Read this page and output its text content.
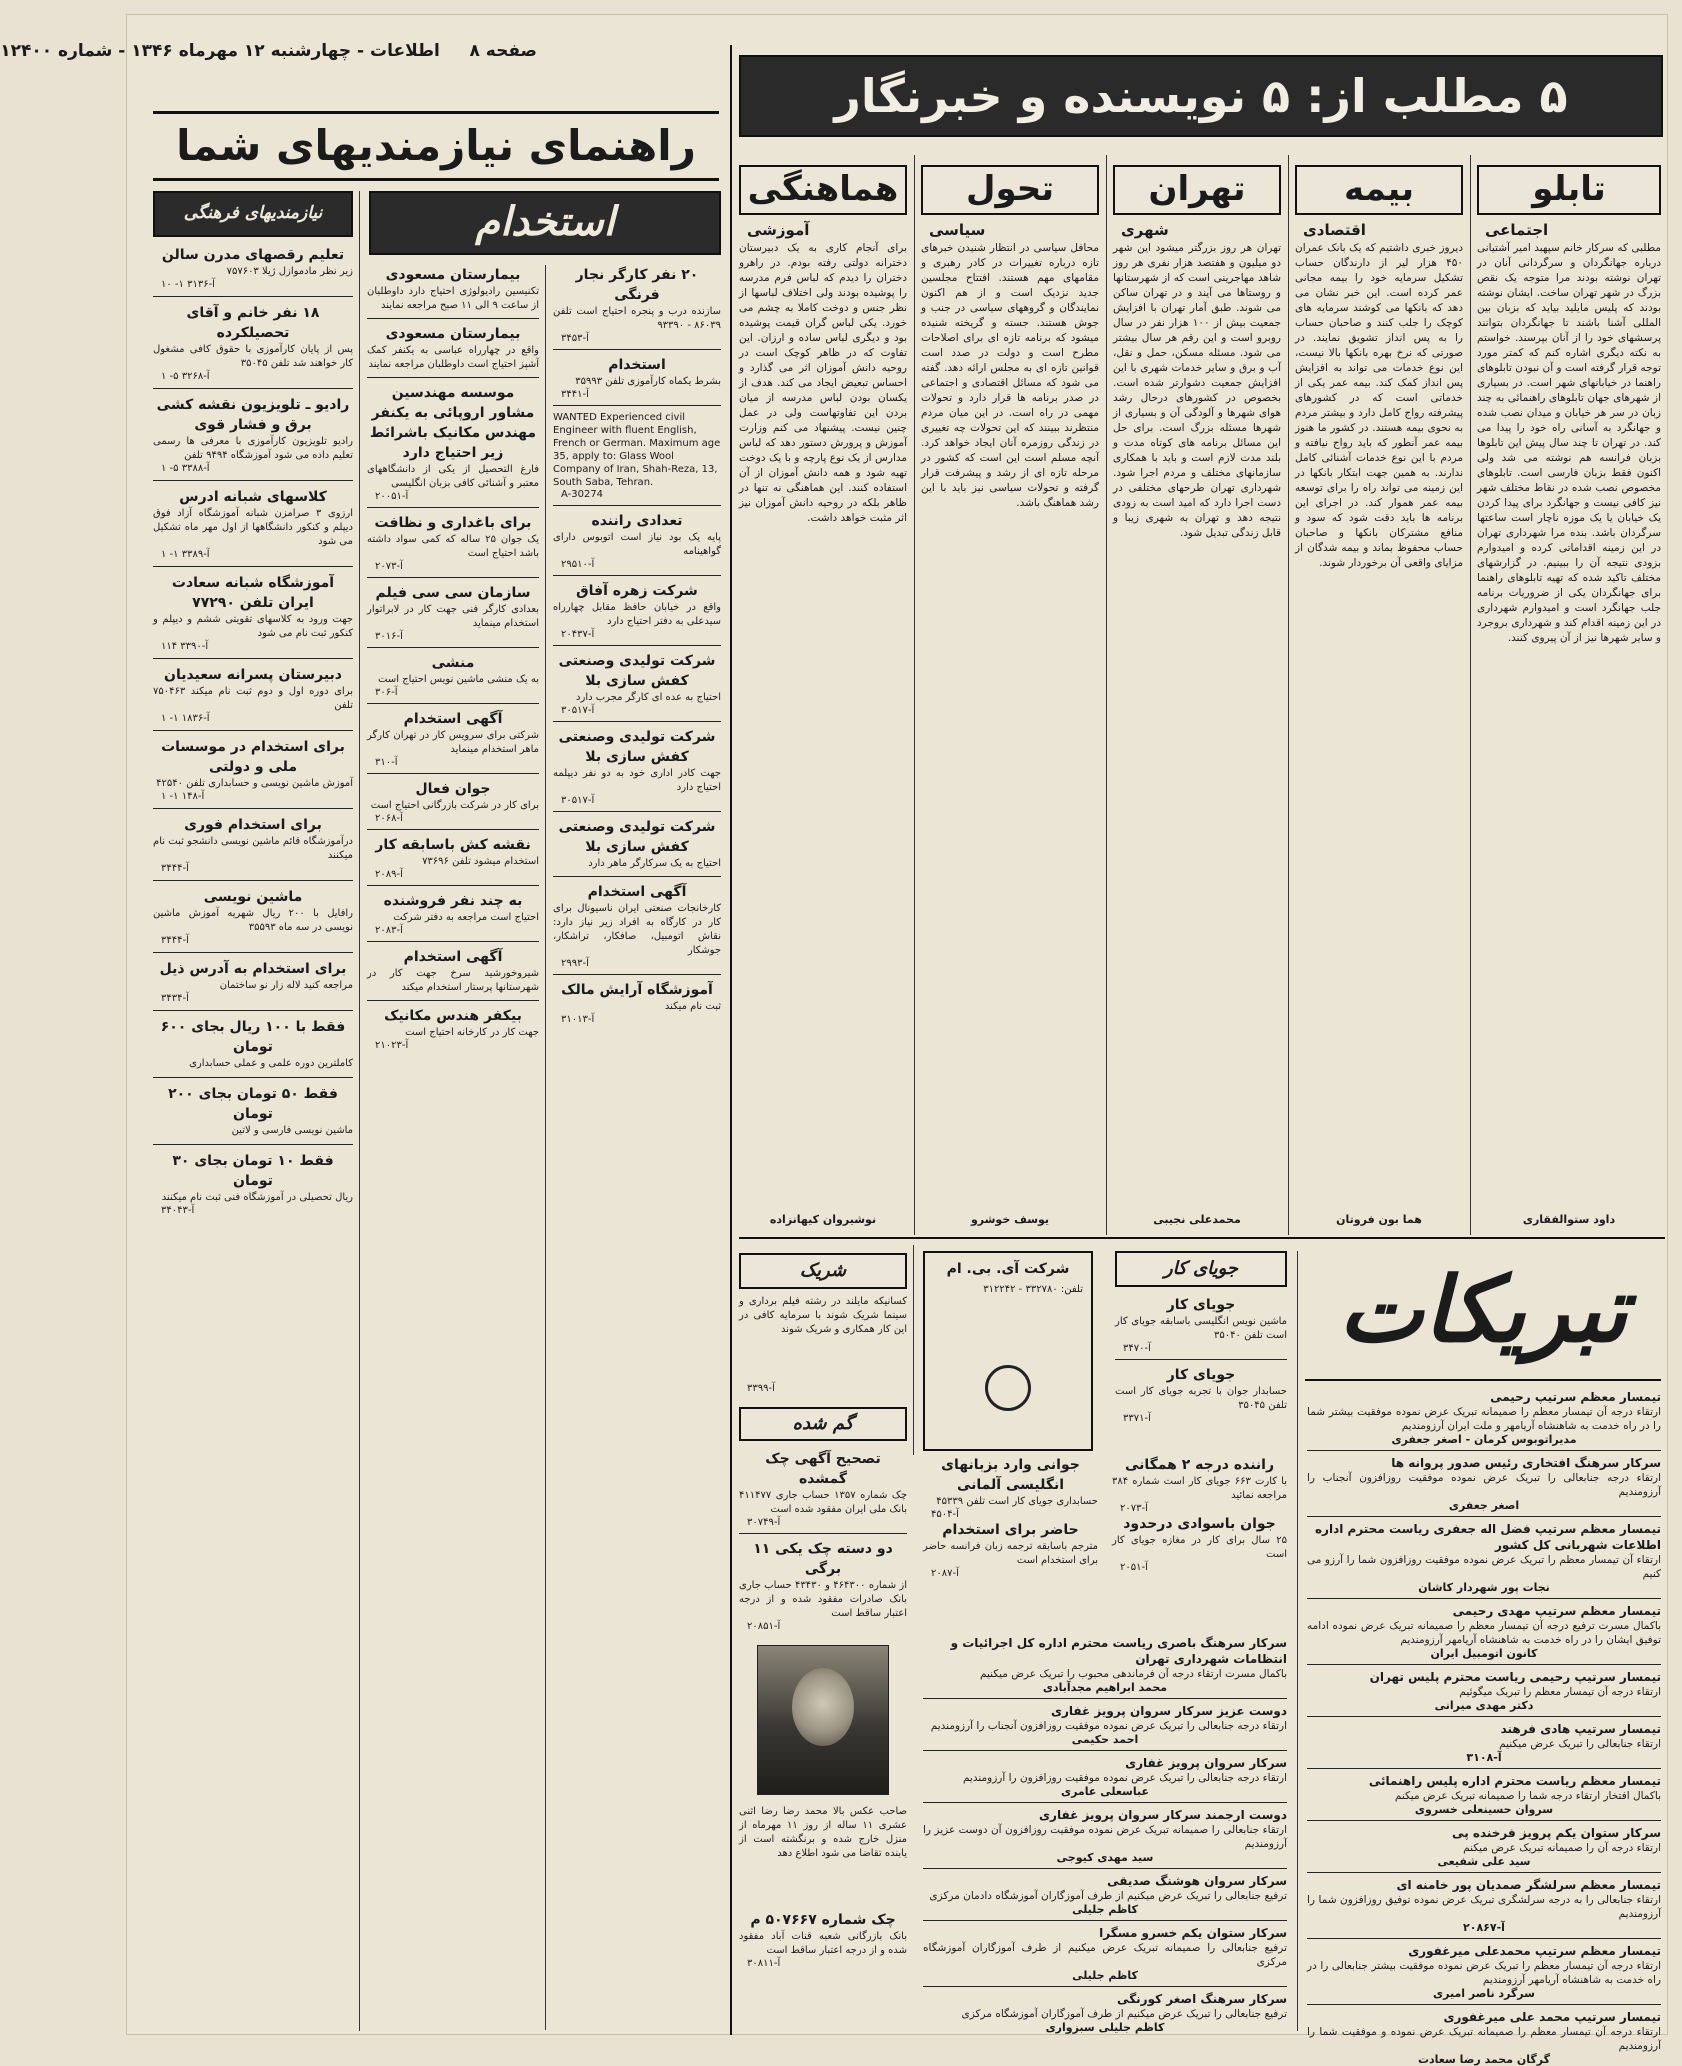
صفحه ۸     اطلاعات - چهارشنبه ۱۲ مهرماه ۱۳۴۶ - شماره ۱۲۴۰۰
۵ مطلب از: ۵ نویسنده و خبرنگار
راهنمای نیازمندیهای شما
تابلو
بیمه
تهران
تحول
هماهنگی
اجتماعی
اقتصادی
شهری
سیاسی
آموزشی
مطلبی که سرکار خانم سپهبد امیر آشتیانی درباره جهانگردان و سرگردانی آنان در تهران نوشته بودند مرا متوجه یک نقص بزرگ در شهر تهران ساخت. ایشان نوشته بودند که پلیس مایلید بیاید که بزبان بین المللی آشنا باشند تا جهانگردان بتوانند پرسشهای خود را از آنان بپرسند. خواستم به نکته دیگری اشاره کنم که کمتر مورد توجه قرار گرفته است و آن نبودن تابلوهای راهنما در خیابانهای شهر است. در بسیاری از شهرهای جهان تابلوهای راهنمائی به چند زبان در سر هر خیابان و میدان نصب شده و جهانگرد به آسانی راه خود را پیدا می کند. در تهران تا چند سال پیش این تابلوها بزبان فرانسه هم نوشته می شد ولی اکنون فقط بزبان فارسی است. تابلوهای مخصوص نصب شده در نقاط مختلف شهر نیز کافی نیست و جهانگرد برای پیدا کردن یک خیابان یا یک موزه ناچار است ساعتها سرگردان باشد. بنده مرا شهرداری تهران در این زمینه اقداماتی کرده و امیدوارم بزودی نتیجه آن را ببینیم. در گزارشهای مختلف تاکید شده که تهیه تابلوهای راهنما برای جهانگردان یکی از ضروریات برنامه جلب جهانگرد است و امیدوارم شهرداری در این زمینه اقدام کند و شهرداری بروجرد و سایر شهرها نیز از آن پیروی کنند.
دیروز خبری داشتیم که یک بانک عمران ۴۵۰ هزار لیر از دارندگان حساب تشکیل سرمایه خود را بیمه مجانی عمر کرده است. این خبر نشان می دهد که بانکها می کوشند سرمایه های کوچک را جلب کنند و صاحبان حساب را به پس انداز تشویق نمایند. در صورتی که نرخ بهره بانکها بالا نیست، این نوع خدمات می تواند به افزایش پس انداز کمک کند. بیمه عمر یکی از خدماتی است که در کشورهای پیشرفته رواج کامل دارد و بیشتر مردم به نحوی بیمه هستند. در کشور ما هنوز بیمه عمر آنطور که باید رواج نیافته و مردم با این نوع خدمات آشنائی کامل ندارند. به همین جهت ابتکار بانکها در این زمینه می تواند راه را برای توسعه بیمه عمر هموار کند. در اجرای این برنامه ها باید دقت شود که سود و منافع مشترکان بانکها و صاحبان حساب محفوظ بماند و بیمه شدگان از مزایای واقعی آن برخوردار شوند.
تهران هر روز بزرگتر میشود این شهر دو میلیون و هفتصد هزار نفری هر روز شاهد مهاجرینی است که از شهرستانها و روستاها می آیند و در تهران ساکن می شوند. طبق آمار تهران با افزایش جمعیت بیش از ۱۰۰ هزار نفر در سال روبرو است و این رقم هر سال بیشتر می شود. مسئله مسکن، حمل و نقل، آب و برق و سایر خدمات شهری با این افزایش جمعیت دشوارتر شده است. بخصوص در کشورهای درحال رشد هوای شهرها و آلودگی آن و بسیاری از شهرها مسئله بزرگ است. برای حل این مسائل برنامه های کوتاه مدت و بلند مدت لازم است و باید با همکاری سازمانهای مختلف و مردم اجرا شود. شهرداری تهران طرحهای مختلفی در دست اجرا دارد که امید است به زودی نتیجه دهد و تهران به شهری زیبا و قابل زندگی تبدیل شود.
محافل سیاسی در انتظار شنیدن خبرهای تازه درباره تغییرات در کادر رهبری و مقامهای مهم هستند. افتتاح مجلسین جدید نزدیک است و از هم اکنون نمایندگان و گروههای سیاسی در جنب و جوش هستند. جسته و گریخته شنیده میشود که برنامه تازه ای برای اصلاحات مطرح است و دولت در صدد است قوانین تازه ای به مجلس ارائه دهد. گفته می شود که مسائل اقتصادی و اجتماعی در صدر برنامه ها قرار دارد و تحولات مهمی در راه است. در این میان مردم منتظرند ببینند که این تحولات چه تغییری در زندگی روزمره آنان ایجاد خواهد کرد. آنچه مسلم است این است که کشور در مرحله تازه ای از رشد و پیشرفت قرار گرفته و تحولات سیاسی نیز باید با این رشد هماهنگ باشد.
برای آنجام کاری به یک دبیرستان دخترانه دولتی رفته بودم. در راهرو دختران را دیدم که لباس فرم مدرسه را پوشیده بودند ولی اختلاف لباسها از نظر جنس و دوخت کاملا به چشم می خورد. یکی لباس گران قیمت پوشیده بود و دیگری لباس ساده و ارزان. این تفاوت که در ظاهر کوچک است در روحیه دانش آموزان اثر می گذارد و احساس تبعیض ایجاد می کند. هدف از یکسان بودن لباس مدرسه از میان بردن این تفاوتهاست ولی در عمل چنین نیست. پیشنهاد می کنم وزارت آموزش و پرورش دستور دهد که لباس مدارس از یک نوع پارچه و با یک دوخت تهیه شود و همه دانش آموزان از آن استفاده کنند. این هماهنگی نه تنها در ظاهر بلکه در روحیه دانش آموزان نیز اثر مثبت خواهد داشت.
داود ستوالفقاری
هما بون فروتان
محمدعلی نجیبی
یوسف خوشرو
نوشیروان کیهانزاده
استخدام
نیازمندیهای فرهنگی
تعلیم رقصهای مدرن سالن
زیر نظر مادموازل ژیلا ۷۵۷۶۰۳
۱۰ -۱ آ-۳۱۳۶
۱۸ نفر خانم و آقای تحصیلکرده
پس از پایان کارآموزی با حقوق کافی مشغول کار خواهند شد تلفن ۳۵۰۴۵
۱ -۵ آ-۳۲۶۸
رادیو ـ تلویزیون نقشه کشی برق و فشار قوی
رادیو تلویزیون کارآموزی با معرفی ها رسمی تعلیم داده می شود آموزشگاه ۹۴۹۴ تلفن
۱ -۵ آ-۳۳۸۸
کلاسهای شبانه ادرس
ارزوی ۳ صرامزن شبانه آموزشگاه آزاد فوق دیپلم و کنکور دانشگاهها از اول مهر ماه تشکیل می شود
۱ -۱ آ-۳۳۸۹
آموزشگاه شبانه سعادت ایران تلفن ۷۷۲۹۰
جهت ورود به کلاسهای تقویتی ششم و دیپلم و کنکور ثبت نام می شود
۱۱۴ آ-۳۳۹۰
دبیرستان پسرانه سعیدیان
برای دوره اول و دوم ثبت نام میکند ۷۵۰۴۶۳ تلفن
۱ -۱ آ-۱۸۳۶
برای استخدام در موسسات ملی و دولتی
آموزش ماشین نویسی و حسابداری تلفن ۴۲۵۴۰
۱ -۱ آ-۱۴۸
برای استخدام فوری
درآموزشگاه قائم ماشین نویسی دانشجو ثبت نام میکنند
آ-۳۴۴۴
ماشین نویسی
رافایل با ۲۰۰ ریال شهریه آموزش ماشین نویسی در سه ماه ۳۵۵۹۳
آ-۳۴۴۴
برای استخدام به آدرس ذیل
مراجعه کنید لاله زار نو ساختمان
آ-۳۴۳۴
فقط با ۱۰۰ ریال بجای ۶۰۰ تومان
کاملترین دوره علمی و عملی حسابداری
فقط ۵۰ تومان بجای ۲۰۰ تومان
ماشین نویسی فارسی و لاتین
فقط ۱۰ تومان بجای ۳۰ تومان
ریال تحصیلی در آموزشگاه فنی ثبت نام میکنند
آ-۳۴۰۴۳
بیمارستان مسعودی
تکنیسین رادیولوژی احتیاج دارد داوطلبان از ساعت ۹ الی ۱۱ صبح مراجعه نمایند
بیمارستان مسعودی
واقع در چهارراه عباسی به یکنفر کمک آشپز احتیاج است داوطلبان مراجعه نمایند
موسسه مهندسین مشاور اروپائی به یکنفر مهندس مکانیک باشرائط زیر احتیاج دارد
فارغ التحصیل از یکی از دانشگاههای معتبر و آشنائی کافی بزبان انگلیسی
آ-۲۰۰۵۱
برای باغداری و نظافت
یک جوان ۲۵ ساله که کمی سواد داشته باشد احتیاج است
آ-۲۰۷۳
سازمان سی سی فیلم
بعدادی کارگر فنی جهت کار در لابراتوار استخدام مینماید
آ-۳۰۱۶
منشی
به یک منشی ماشین نویس احتیاج است
آ-۳۰۶
آگهی استخدام
شرکتی برای سرویس کار در تهران کارگر ماهر استخدام مینماید
آ-۳۱۰
جوان فعال
برای کار در شرکت بازرگانی احتیاج است
آ-۲۰۶۸
نقشه کش باسابقه کار
استخدام میشود تلفن ۷۳۶۹۶
آ-۲۰۸۹
به چند نفر فروشنده
احتیاج است مراجعه به دفتر شرکت
آ-۲۰۸۳
آگهی استخدام
شیروخورشید سرخ جهت کار در شهرستانها پرستار استخدام میکند
بیکفر هندس مکانیک
جهت کار در کارخانه احتیاج است
آ-۲۱۰۲۳
۲۰ نفر کارگر نجار فرنگی
سازنده درب و پنجره احتیاج است تلفن ۸۶۰۳۹ - ۹۳۳۹۰
آ-۳۴۵۳
استخدام
بشرط یکماه کارآموزی تلفن ۳۵۹۹۳
آ-۳۴۴۱
WANTED Experienced civil Engineer with fluent English, French or German. Maximum age 35, apply to: Glass Wool Company of Iran, Shah-Reza, 13, South Saba, Tehran.
A-30274
تعدادی راننده
پایه یک بود نیاز است اتوبوس دارای گواهینامه
آ-۲۹۵۱۰
شرکت زهره آفاق
واقع در خیابان حافظ مقابل چهارراه سیدعلی به دفتر احتیاج دارد
آ-۲۰۴۳۷
شرکت تولیدی وصنعتی کفش سازی بلا
احتیاج به عده ای کارگر مجرب دارد
آ-۳۰۵۱۷
شرکت تولیدی وصنعتی کفش سازی بلا
جهت کادر اداری خود به دو نفر دیپلمه احتیاج دارد
آ-۳۰۵۱۷
شرکت تولیدی وصنعتی کفش سازی بلا
احتیاج به یک سرکارگر ماهر دارد
آگهی استخدام
کارخانجات صنعتی ایران ناسیونال برای کار در کارگاه به افراد زیر نیاز دارد: نقاش اتومبیل، صافکار، تراشکار، جوشکار
آ-۲۹۹۳
آموزشگاه آرایش مالک
ثبت نام میکند
آ-۳۱۰۱۳
شریک
کسانیکه مایلند در رشته فیلم برداری و سینما شریک شوند با سرمایه کافی در این کار همکاری و شریک شوند
آ-۳۳۹۹
گم شده
تصحیح آگهی چک گمشده
چک شماره ۱۳۵۷ حساب جاری ۴۱۱۴۷۷ بانک ملی ایران مفقود شده است
آ-۳۰۷۴۹
دو دسته چک یکی ۱۱ برگی
از شماره ۴۶۴۳۰۰ و ۴۳۴۳۰ حساب جاری بانک صادرات مفقود شده و از درجه اعتبار ساقط است
آ-۲۰۸۵۱
صاحب عکس بالا محمد رضا رضا اثنی عشری ۱۱ ساله از روز ۱۱ مهرماه از منزل خارج شده و برنگشته است از یابنده تقاضا می شود اطلاع دهد
چک شماره ۵۰۷۶۶۷ م
بانک بازرگانی شعبه قنات آباد مفقود شده و از درجه اعتبار ساقط است
آ-۳۰۸۱۱
شرکت آی. بی. ام
تلفن: ۳۳۲۷۸۰ - ۳۱۲۲۴۲
جویای کار
جویای کار
ماشین نویس انگلیسی باسابقه جویای کار است تلفن ۳۵۰۴۰
آ-۳۴۷۰
جویای کار
حسابدار جوان با تجربه جویای کار است تلفن ۳۵۰۴۵
آ-۳۳۷۱
راننده درجه ۲ همگانی
با کارت ۶۶۳ جویای کار است شماره ۳۸۴ مراجعه نمائید
آ-۲۰۷۳
جوان باسوادی درحدود
۲۵ سال برای کار در مغازه جویای کار است
آ-۲۰۵۱
جوانی وارد بزبانهای انگلیسی آلمانی
حسابداری جویای کار است تلفن ۴۵۳۳۹
آ-۴۵۰۴
حاضر برای استخدام
مترجم باسابقه ترجمه زبان فرانسه حاضر برای استخدام است
آ-۲۰۸۷
تبریکات
تیمسار معظم سرتیپ رحیمی
ارتقاء درجه آن تیمسار معظم را صمیمانه تبریک عرض نموده موفقیت بیشتر شما را در راه خدمت به شاهنشاه آریامهر و ملت ایران آرزومندیم
مدیراتوبوس کرمان - اصغر جعفری
سرکار سرهنگ افتخاری رئیس صدور پروانه ها
ارتقاء درجه جنابعالی را تبریک عرض نموده موفقیت روزافزون آنجناب را آرزومندیم
اصغر جعفری
تیمسار معظم سرتیپ فضل اله جعفری ریاست محترم اداره اطلاعات شهربانی کل کشور
ارتقاء آن تیمسار معظم را تبریک عرض نموده موفقیت روزافزون شما را آرزو می کنیم
نجات پور شهردار کاشان
تیمسار معظم سرتیپ مهدی رحیمی
باکمال مسرت ترفیع درجه آن تیمسار معظم را صمیمانه تبریک عرض نموده ادامه توفیق ایشان را در راه خدمت به شاهنشاه آریامهر آرزومندیم
کانون اتومبیل ایران
تیمسار سرتیپ رحیمی ریاست محترم پلیس تهران
ارتقاء درجه آن تیمسار معظم را تبریک میگوئیم
دکتر مهدی میرانی
تیمسار سرتیپ هادی فرهند
ارتقاء جنابعالی را تبریک عرض میکنیم
آ-۳۱۰۸
تیمسار معظم ریاست محترم اداره پلیس راهنمائی
باکمال افتخار ارتقاء درجه شما را صمیمانه تبریک عرض میکنم
سروان حسینعلی خسروی
سرکار ستوان یکم پرویز فرخنده پی
ارتقاء درجه آن را صمیمانه تبریک عرض میکنم
سید علی شفیعی
تیمسار معظم سرلشگر صمدیان پور خامنه ای
ارتقاء جنابعالی را به درجه سرلشگری تبریک عرض نموده توفیق روزافزون شما را آرزومندیم
آ-۲۰۸۶۷
تیمسار معظم سرتیپ محمدعلی میرغفوری
ارتقاء درجه آن تیمسار معظم را تبریک عرض نموده موفقیت بیشتر جنابعالی را در راه خدمت به شاهنشاه آریامهر آرزومندیم
سرگرد ناصر امیری
تیمسار سرتیپ محمد علی میرغفوری
ارتقاء درجه آن تیمسار معظم را صمیمانه تبریک عرض نموده و موفقیت شما را آرزومندیم
گرگان محمد رضا سعادت
سرکار سرهنگ باصری ریاست محترم اداره کل اجرائیات و انتظامات شهرداری تهران
باکمال مسرت ارتقاء درجه آن فرماندهی محبوب را تبریک عرض میکنیم
محمد ابراهیم مجدآبادی
دوست عزیز سرکار سروان پرویز غفاری
ارتقاء درجه جنابعالی را تبریک عرض نموده موفقیت روزافزون آنجناب را آرزومندیم
احمد حکیمی
سرکار سروان پرویز غفاری
ارتقاء درجه جنابعالی را تبریک عرض نموده موفقیت روزافزون را آرزومندیم
عباسعلی عامری
دوست ارجمند سرکار سروان پرویز غفاری
ارتقاء جنابعالی را صمیمانه تبریک عرض نموده موفقیت روزافزون آن دوست عزیز را آرزومندیم
سید مهدی کیوجی
سرکار سروان هوشنگ صدیقی
ترفیع جنابعالی را تبریک عرض میکنیم از طرف آموزگاران آموزشگاه دادمان مرکزی
کاظم جلیلی
سرکار ستوان یکم خسرو مسگرا
ترفیع جنابعالی را صمیمانه تبریک عرض میکنیم از طرف آموزگاران آموزشگاه مرکزی
کاظم جلیلی
سرکار سرهنگ اصغر کورنگی
ترفیع جنابعالی را تبریک عرض میکنیم از طرف آموزگاران آموزشگاه مرکزی
کاظم جلیلی سبزواری
